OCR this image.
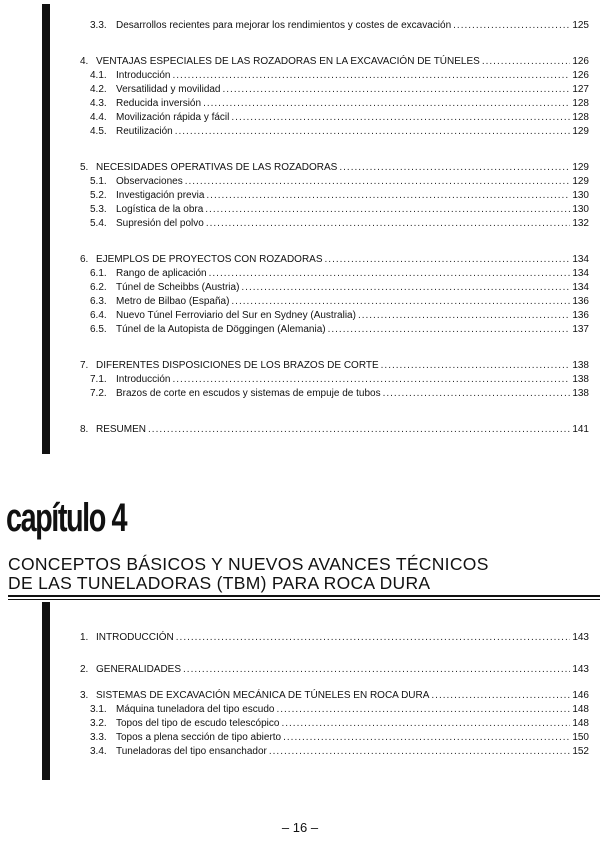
3.3. Desarrollos recientes para mejorar los rendimientos y costes de excavación .....	125
4. VENTAJAS ESPECIALES DE LAS ROZADORAS EN LA EXCAVACIÓN DE TÚNELES .....	126
4.1. Introducción .....	126
4.2. Versatilidad y movilidad .....	127
4.3. Reducida inversión .....	128
4.4. Movilización rápida y fácil .....	128
4.5. Reutilización .....	129
5. NECESIDADES OPERATIVAS DE LAS ROZADORAS .....	129
5.1. Observaciones .....	129
5.2. Investigación previa .....	130
5.3. Logística de la obra .....	130
5.4. Supresión del polvo .....	132
6. EJEMPLOS DE PROYECTOS CON ROZADORAS .....	134
6.1. Rango de aplicación .....	134
6.2. Túnel de Scheibbs (Austria) .....	134
6.3. Metro de Bilbao (España) .....	136
6.4. Nuevo Túnel Ferroviario del Sur en Sydney (Australia) .....	136
6.5. Túnel de la Autopista de Döggingen (Alemania) .....	137
7. DIFERENTES DISPOSICIONES DE LOS BRAZOS DE CORTE .....	138
7.1. Introducción .....	138
7.2. Brazos de corte en escudos y sistemas de empuje de tubos .....	138
8. RESUMEN .....	141
capítulo 4
CONCEPTOS BÁSICOS Y NUEVOS AVANCES TÉCNICOS
DE LAS TUNELADORAS (TBM) PARA ROCA DURA
1. INTRODUCCIÓN .....	143
2. GENERALIDADES .....	143
3. SISTEMAS DE EXCAVACIÓN MECÁNICA DE TÚNELES EN ROCA DURA .....	146
3.1. Máquina tuneladora del tipo escudo .....	148
3.2. Topos del tipo de escudo telescópico .....	148
3.3. Topos a plena sección de tipo abierto .....	150
3.4. Tuneladoras del tipo ensanchador .....	152
– 16 –
